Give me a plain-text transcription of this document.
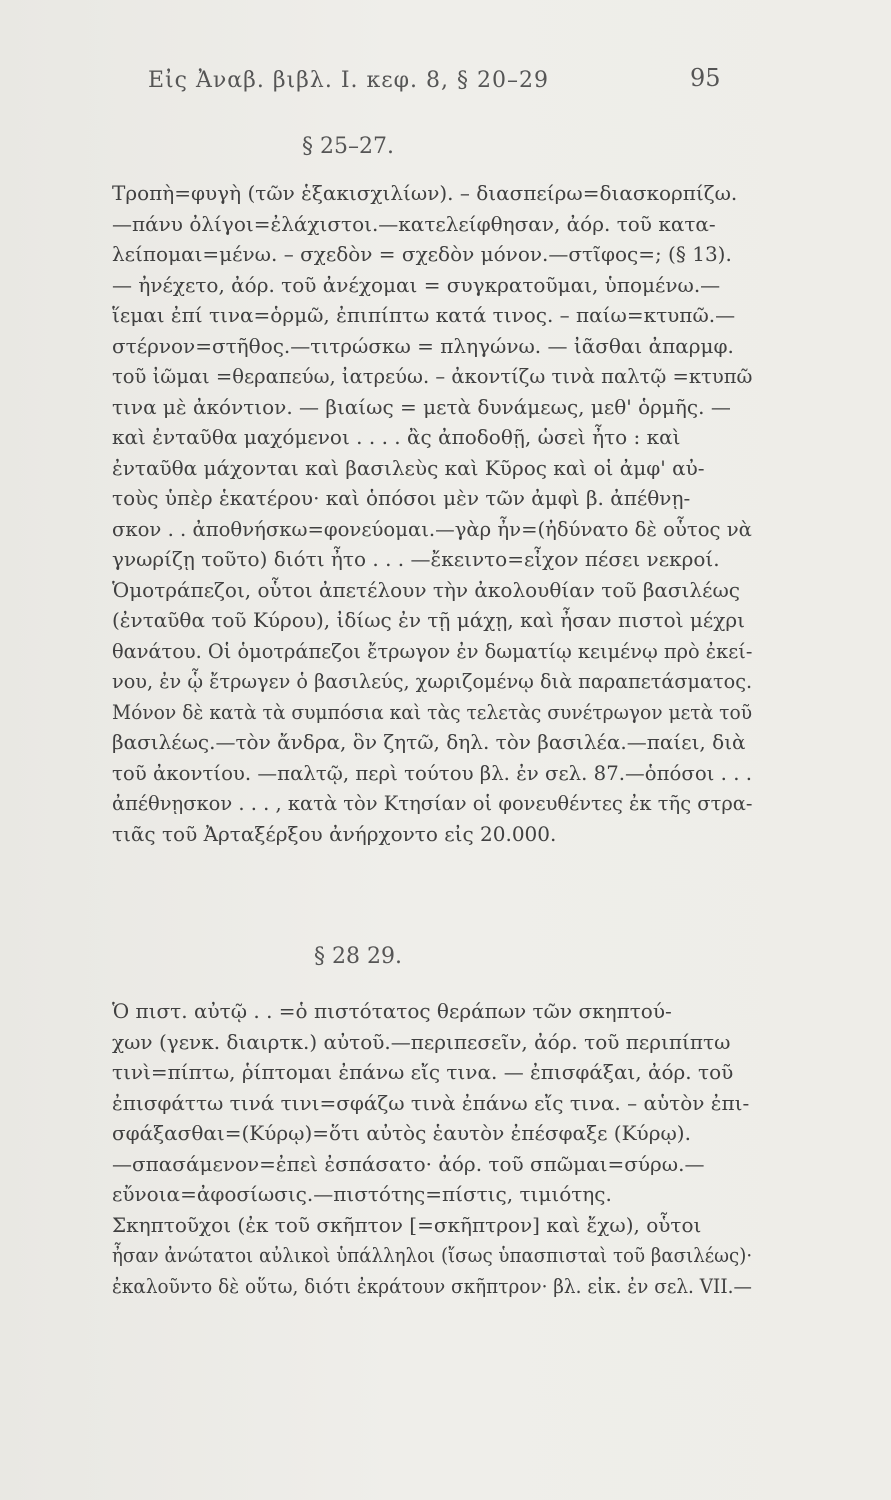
Εἰς Ἀναβ. βιβλ. Ι. κεφ. 8, § 20–29	95
§ 25–27.
Τροπὴ=φυγὴ (τῶν ἑξακισχιλίων). – διασπείρω=διασκορπίζω.
—πάνυ ὀλίγοι=ἐλάχιστοι.—κατελείφθησαν, ἀόρ. τοῦ κατα-
λείπομαι=μένω. – σχεδὸν = σχεδὸν μόνον.—στῖφος=; (§ 13).
— ἠνέχετο, ἀόρ. τοῦ ἀνέχομαι = συγκρατοῦμαι, ὑπομένω.—
ἵεμαι ἐπί τινα=ὁρμῶ, ἐπιπίπτω κατά τινος. – παίω=κτυπῶ.—
στέρνον=στῆθος.—τιτρώσκω = πληγώνω. — ἰᾶσθαι ἀπαρμφ.
τοῦ ἰῶμαι =θεραπεύω, ἰατρεύω. – ἀκοντίζω τινὰ παλτῷ =κτυπῶ
τινα μὲ ἀκόντιον. — βιαίως = μετὰ δυνάμεως, μεθ' ὁρμῆς. —
καὶ ἐνταῦθα μαχόμενοι . . . . ἂς ἀποδοθῇ, ὡσεὶ ἦτο : καὶ
ἐνταῦθα μάχονται καὶ βασιλεὺς καὶ Κῦρος καὶ οἱ ἀμφ' αὐ-
τοὺς ὑπὲρ ἑκατέρου· καὶ ὁπόσοι μὲν τῶν ἀμφὶ β. ἀπέθνῃ-
σκον . . ἀποθνήσκω=φονεύομαι.—γὰρ ἦν=(ἠδύνατο δὲ οὗτος νὰ
γνωρίζῃ τοῦτο) διότι ἦτο . . . —ἔκειντο=εἶχον πέσει νεκροί.
Ὁμοτράπεζοι, οὗτοι ἀπετέλουν τὴν ἀκολουθίαν τοῦ βασιλέως
(ἐνταῦθα τοῦ Κύρου), ἰδίως ἐν τῇ μάχῃ, καὶ ἦσαν πιστοὶ μέχρι
θανάτου. Οἱ ὁμοτράπεζοι ἔτρωγον ἐν δωματίῳ κειμένῳ πρὸ ἐκεί-
νου, ἐν ᾧ ἔτρωγεν ὁ βασιλεύς, χωριζομένῳ διὰ παραπετάσματος.
Μόνον δὲ κατὰ τὰ συμπόσια καὶ τὰς τελετὰς συνέτρωγον μετὰ τοῦ
βασιλέως.—τὸν ἄνδρα, ὃν ζητῶ, δηλ. τὸν βασιλέα.—παίει, διὰ
τοῦ ἀκοντίου. —παλτῷ, περὶ τούτου βλ. ἐν σελ. 87.—ὁπόσοι . . .
ἀπέθνῃσκον . . . , κατὰ τὸν Κτησίαν οἱ φονευθέντες ἐκ τῆς στρα-
τιᾶς τοῦ Ἀρταξέρξου ἀνήρχοντο εἰς 20.000.
§ 28 29.
Ὁ πιστ. αὐτῷ . . =ὁ πιστότατος θεράπων τῶν σκηπτού-
χων (γενκ. διαιρτκ.) αὐτοῦ.—περιπεσεῖν, ἀόρ. τοῦ περιπίπτω
τινὶ=πίπτω, ῥίπτομαι ἐπάνω εἴς τινα. — ἐπισφάξαι, ἀόρ. τοῦ
ἐπισφάττω τινά τινι=σφάζω τινὰ ἐπάνω εἴς τινα. – αὑτὸν ἐπι-
σφάξασθαι=(Κύρῳ)=ὅτι αὐτὸς ἑαυτὸν ἐπέσφαξε (Κύρῳ).
—σπασάμενον=ἐπεὶ ἐσπάσατο· ἀόρ. τοῦ σπῶμαι=σύρω.—
εὔνοια=ἀφοσίωσις.—πιστότης=πίστις, τιμιότης.
Σκηπτοῦχοι (ἐκ τοῦ σκῆπτον [=σκῆπτρον] καὶ ἔχω), οὗτοι
ἦσαν ἀνώτατοι αὐλικοὶ ὑπάλληλοι (ἴσως ὑπασπισταὶ τοῦ βασιλέως)·
ἐκαλοῦντο δὲ οὕτω, διότι ἐκράτουν σκῆπτρον· βλ. εἰκ. ἐν σελ. VII.—
